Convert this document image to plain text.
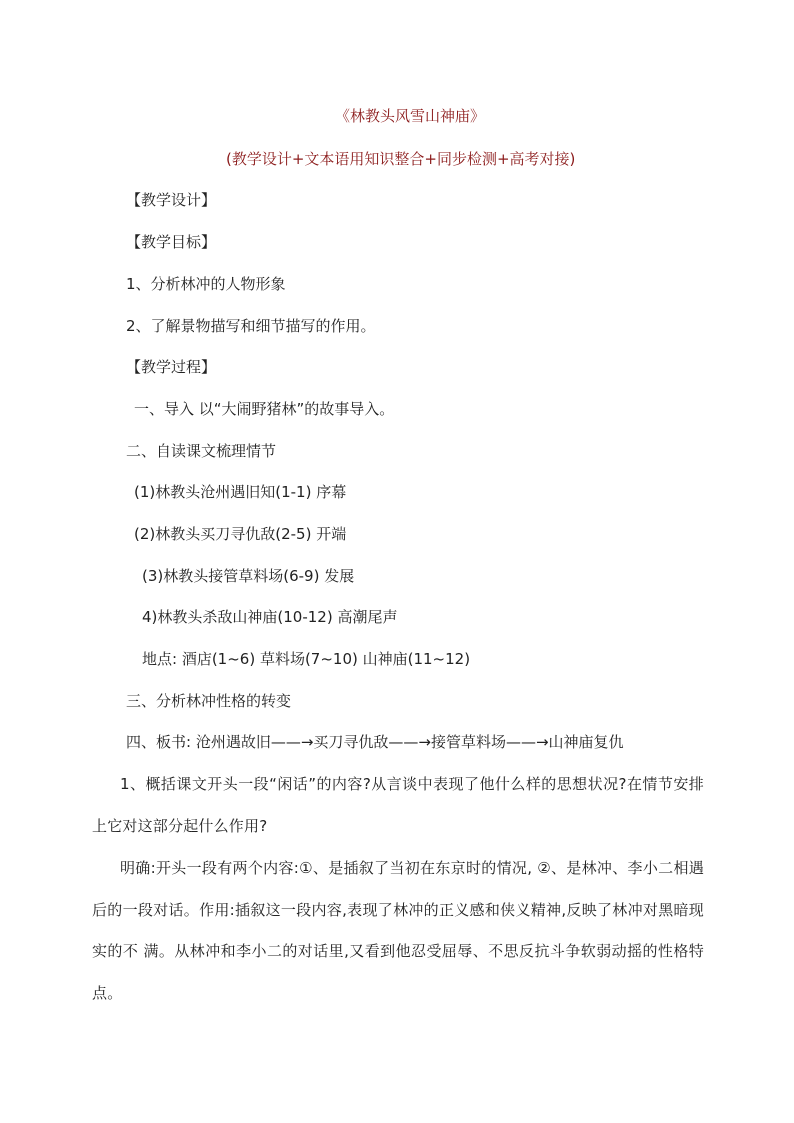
《林教头风雪山神庙》
(教学设计+文本语用知识整合+同步检测+高考对接)
【教学设计】
【教学目标】
1、分析林冲的人物形象
2、了解景物描写和细节描写的作用。
【教学过程】
一、导入 以“大闹野猪林”的故事导入。
二、自读课文梳理情节
(1)林教头沧州遇旧知(1-1) 序幕
(2)林教头买刀寻仇敌(2-5) 开端
(3)林教头接管草料场(6-9) 发展
4)林教头杀敌山神庙(10-12) 高潮尾声
地点: 酒店(1~6) 草料场(7~10) 山神庙(11~12)
三、分析林冲性格的转变
四、板书: 沧州遇故旧——→买刀寻仇敌——→接管草料场——→山神庙复仇
1、概括课文开头一段“闲话”的内容?从言谈中表现了他什么样的思想状况?在情节安排上它对这部分起什么作用?
明确:开头一段有两个内容:①、是插叙了当初在东京时的情况, ②、是林冲、李小二相遇后的一段对话。作用:插叙这一段内容,表现了林冲的正义感和侠义精神,反映了林冲对黑暗现实的不 满。从林冲和李小二的对话里,又看到他忍受屈辱、不思反抗斗争软弱动摇的性格特点。
